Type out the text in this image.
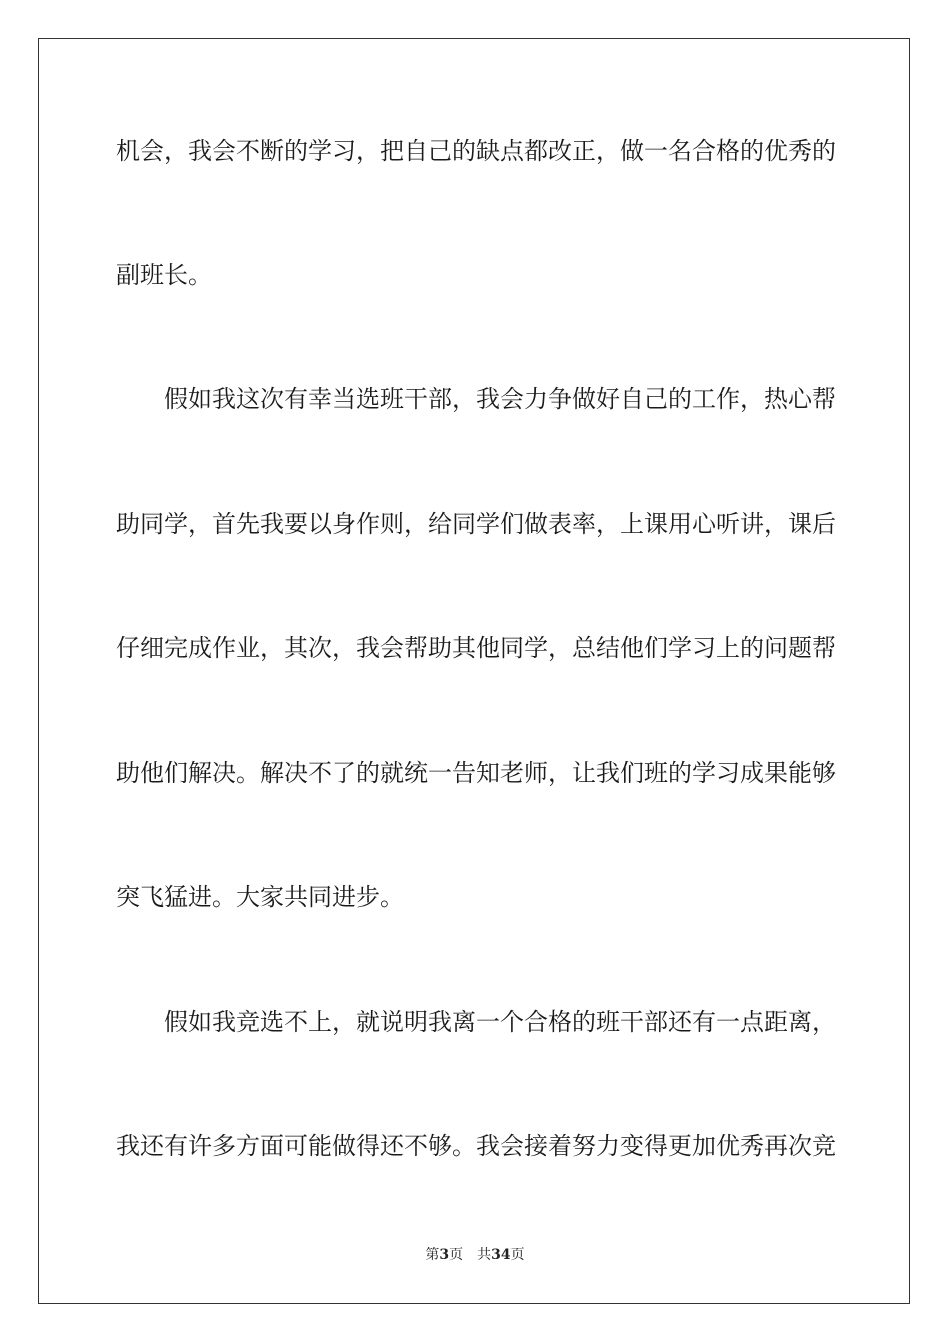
机 会 ， 我 会 不 断 的 学 习 ， 把 自 己 的 缺 点 都 改 正 ， 做 一 名 合 格 的 优 秀 的
副班长。
假 如 我 这 次 有 幸 当 选 班 干 部 ， 我 会 力 争 做 好 自 己 的 工 作 ， 热 心 帮
助 同 学 ， 首 先 我 要 以 身 作 则 ， 给 同 学 们 做 表 率 ， 上 课 用 心 听 讲 ， 课 后
仔 细 完 成 作 业 ， 其 次 ， 我 会 帮 助 其 他 同 学 ， 总 结 他 们 学 习 上 的 问 题 帮
助 他 们 解 决 。 解 决 不 了 的 就 统 一 告 知 老 师 ， 让 我 们 班 的 学 习 成 果 能 够
突飞猛进。大家共同进步。
假 如 我 竞 选 不 上 ， 就 说 明 我 离 一 个 合 格 的 班 干 部 还 有 一 点 距 离 ，
我 还 有 许 多 方 面 可 能 做 得 还 不 够 。 我 会 接 着 努 力 变 得 更 加 优 秀 再 次 竞
第3页 共34页
